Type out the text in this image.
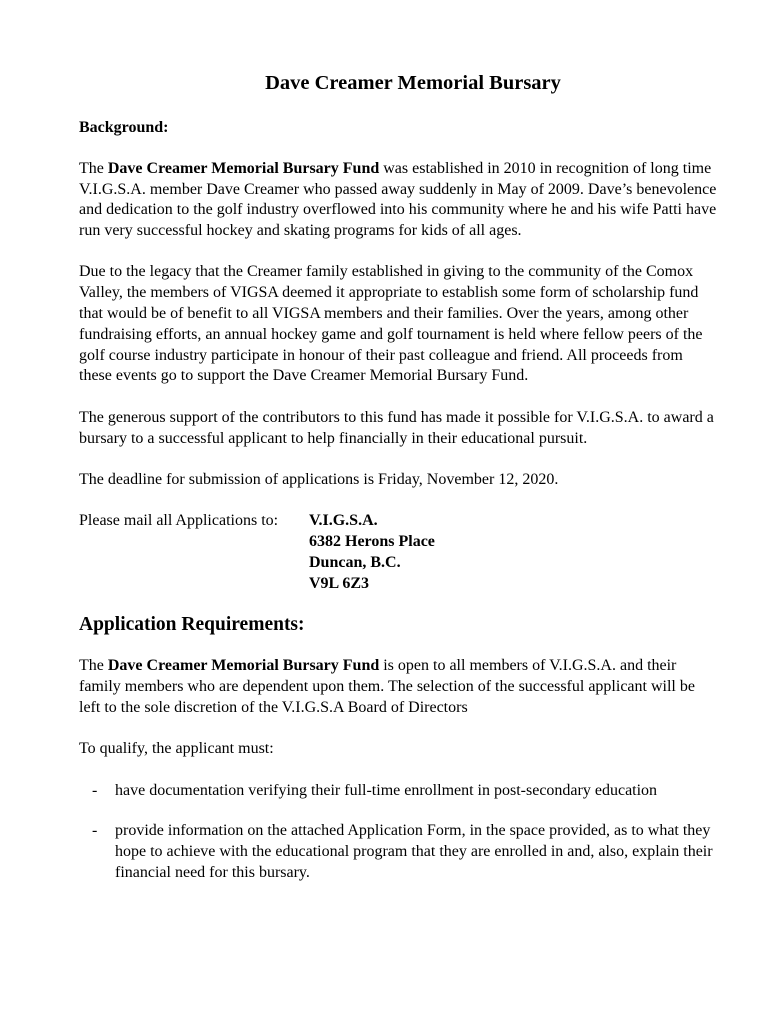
Dave Creamer Memorial Bursary
Background:

The Dave Creamer Memorial Bursary Fund was established in 2010 in recognition of long time V.I.G.S.A. member Dave Creamer who passed away suddenly in May of 2009. Dave’s benevolence and dedication to the golf industry overflowed into his community where he and his wife Patti have run very successful hockey and skating programs for kids of all ages.

Due to the legacy that the Creamer family established in giving to the community of the Comox Valley, the members of VIGSA deemed it appropriate to establish some form of scholarship fund that would be of benefit to all VIGSA members and their families. Over the years, among other fundraising efforts, an annual hockey game and golf tournament is held where fellow peers of the golf course industry participate in honour of their past colleague and friend. All proceeds from these events go to support the Dave Creamer Memorial Bursary Fund.

The generous support of the contributors to this fund has made it possible for V.I.G.S.A. to award a bursary to a successful applicant to help financially in their educational pursuit.

The deadline for submission of applications is Friday, November 12, 2020.

Please mail all Applications to:	V.I.G.S.A.
6382 Herons Place
Duncan, B.C.
V9L 6Z3
Application Requirements:

The Dave Creamer Memorial Bursary Fund is open to all members of V.I.G.S.A. and their family members who are dependent upon them. The selection of the successful applicant will be left to the sole discretion of the V.I.G.S.A Board of Directors

To qualify, the applicant must:

-	have documentation verifying their full-time enrollment in post-secondary education
-	provide information on the attached Application Form, in the space provided, as to what they hope to achieve with the educational program that they are enrolled in and, also, explain their financial need for this bursary.
